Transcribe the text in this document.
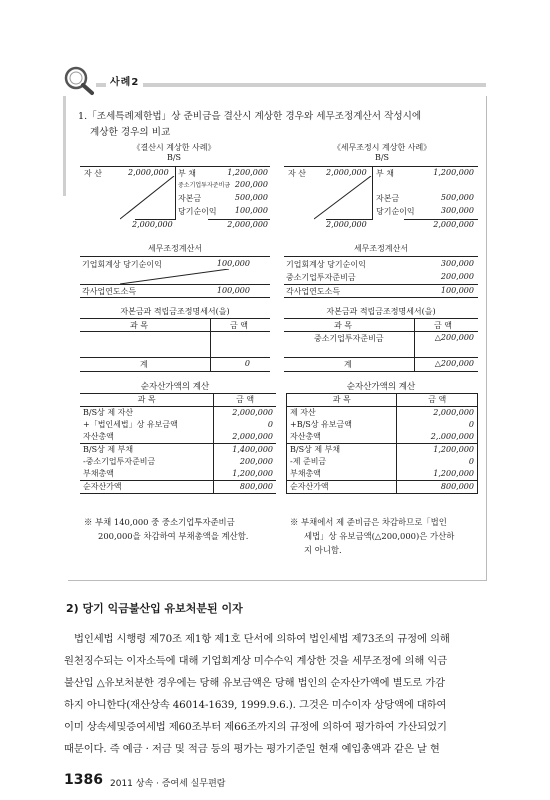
사례2
1.「조세특례제한법」상 준비금을 결산시 계상한 경우와 세무조정계산서 작성시에
계상한 경우의 비교
《결산시 계상한 사례》
B/S
자 산	2,000,000 부 채	1,200,000
중소기업투자준비금 200,000
자본금	500,000
당기순이익 100,000
2,000,000	2,000,000
세무조정계산서
기업회계상 당기순이익	100,000
각사업연도소득	100,000
자본금과 적립금조정명세서(을)
과 목	금 액
계	0
순자산가액의 계산
과 목	금 액
B/S상 제 자산	2,000,000
+「법인세법」상 유보금액	0
자산총액	2,000,000
B/S상 제 부채	1,400,000
-중소기업투자준비금	200,000
부채총액	1,200,000
순자산가액	800,000
※ 부채 140,000 중 중소기업투자준비금
200,000을 차감하여 부채총액을 계산함.
《세무조정시 계상한 사례》
B/S
자 산	2,000,000 부 채	1,200,000
자본금	500,000
당기순이익	300,000
2,000,000	2,000,000
세무조정계산서
기업회계상 당기순이익	300,000
중소기업투자준비금	200,000
각사업연도소득	100,000
자본금과 적립금조정명세서(을)
과 목	금 액
중소기업투자준비금	△200,000
계	△200,000
순자산가액의 계산
과 목	금 액
제 자산	2,000,000
+B/S상 유보금액	0
자산총액	2,.000,000
B/S상 제 부채	1,200,000
-제 준비금	0
부채총액	1,200,000
순자산가액	800,000
※ 부채에서 제 준비금은 차감하므로「법인
세법」상 유보금액(△200,000)은 가산하
지 아니함.
2) 당기 익금불산입 유보처분된 이자
법인세법 시행령 제70조 제1항 제1호 단서에 의하여 법인세법 제73조의 규정에 의해
원천징수되는 이자소득에 대해 기업회계상 미수수익 계상한 것을 세무조정에 의해 익금
불산입 △유보처분한 경우에는 당해 유보금액은 당해 법인의 순자산가액에 별도로 가감
하지 아니한다(재산상속 46014-1639, 1999.9.6.). 그것은 미수이자 상당액에 대하여
이미 상속세및증여세법 제60조부터 제66조까지의 규정에 의하여 평가하여 가산되었기
때문이다. 즉 예금 · 저금 및 적금 등의 평가는 평가기준일 현재 예입총액과 같은 날 현
1386 2011 상속 · 증여세 실무편람
